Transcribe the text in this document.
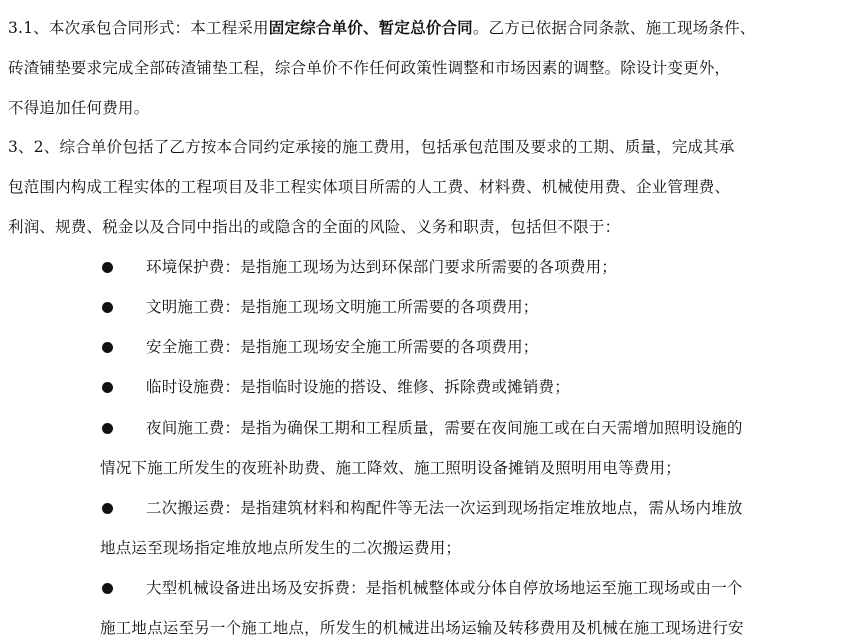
3.1、本次承包合同形式：本工程采用固定综合单价、暂定总价合同。乙方已依据合同条款、施工现场条件、
砖渣铺垫要求完成全部砖渣铺垫工程，综合单价不作任何政策性调整和市场因素的调整。除设计变更外，
不得追加任何费用。
3、2、综合单价包括了乙方按本合同约定承接的施工费用，包括承包范围及要求的工期、质量，完成其承
包范围内构成工程实体的工程项目及非工程实体项目所需的人工费、材料费、机械使用费、企业管理费、
利润、规费、税金以及合同中指出的或隐含的全面的风险、义务和职责，包括但不限于：
环境保护费：是指施工现场为达到环保部门要求所需要的各项费用；
文明施工费：是指施工现场文明施工所需要的各项费用；
安全施工费：是指施工现场安全施工所需要的各项费用；
临时设施费：是指临时设施的搭设、维修、拆除费或摊销费；
夜间施工费：是指为确保工期和工程质量，需要在夜间施工或在白天需增加照明设施的
情况下施工所发生的夜班补助费、施工降效、施工照明设备摊销及照明用电等费用；
二次搬运费：是指建筑材料和构配件等无法一次运到现场指定堆放地点，需从场内堆放
地点运至现场指定堆放地点所发生的二次搬运费用；
大型机械设备进出场及安拆费：是指机械整体或分体自停放场地运至施工现场或由一个
施工地点运至另一个施工地点，所发生的机械进出场运输及转移费用及机械在施工现场进行安
